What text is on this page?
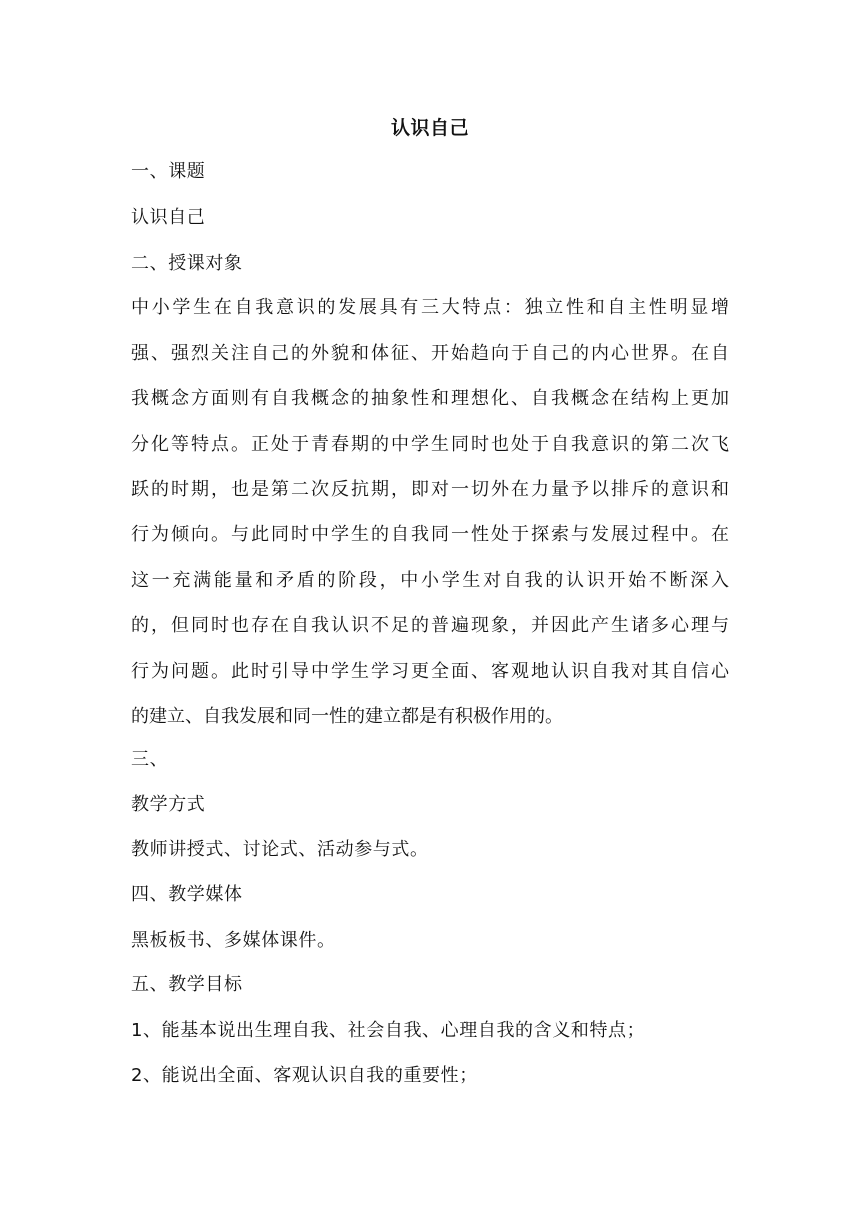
认识自己
一、课题
认识自己
二、授课对象
中小学生在自我意识的发展具有三大特点：独立性和自主性明显增
强、强烈关注自己的外貌和体征、开始趋向于自己的内心世界。在自
我概念方面则有自我概念的抽象性和理想化、自我概念在结构上更加
分化等特点。正处于青春期的中学生同时也处于自我意识的第二次飞
跃的时期，也是第二次反抗期，即对一切外在力量予以排斥的意识和
行为倾向。与此同时中学生的自我同一性处于探索与发展过程中。在
这一充满能量和矛盾的阶段，中小学生对自我的认识开始不断深入
的，但同时也存在自我认识不足的普遍现象，并因此产生诸多心理与
行为问题。此时引导中学生学习更全面、客观地认识自我对其自信心
的建立、自我发展和同一性的建立都是有积极作用的。
三、
教学方式
教师讲授式、讨论式、活动参与式。
四、教学媒体
黑板板书、多媒体课件。
五、教学目标
1、能基本说出生理自我、社会自我、心理自我的含义和特点；
2、能说出全面、客观认识自我的重要性；
